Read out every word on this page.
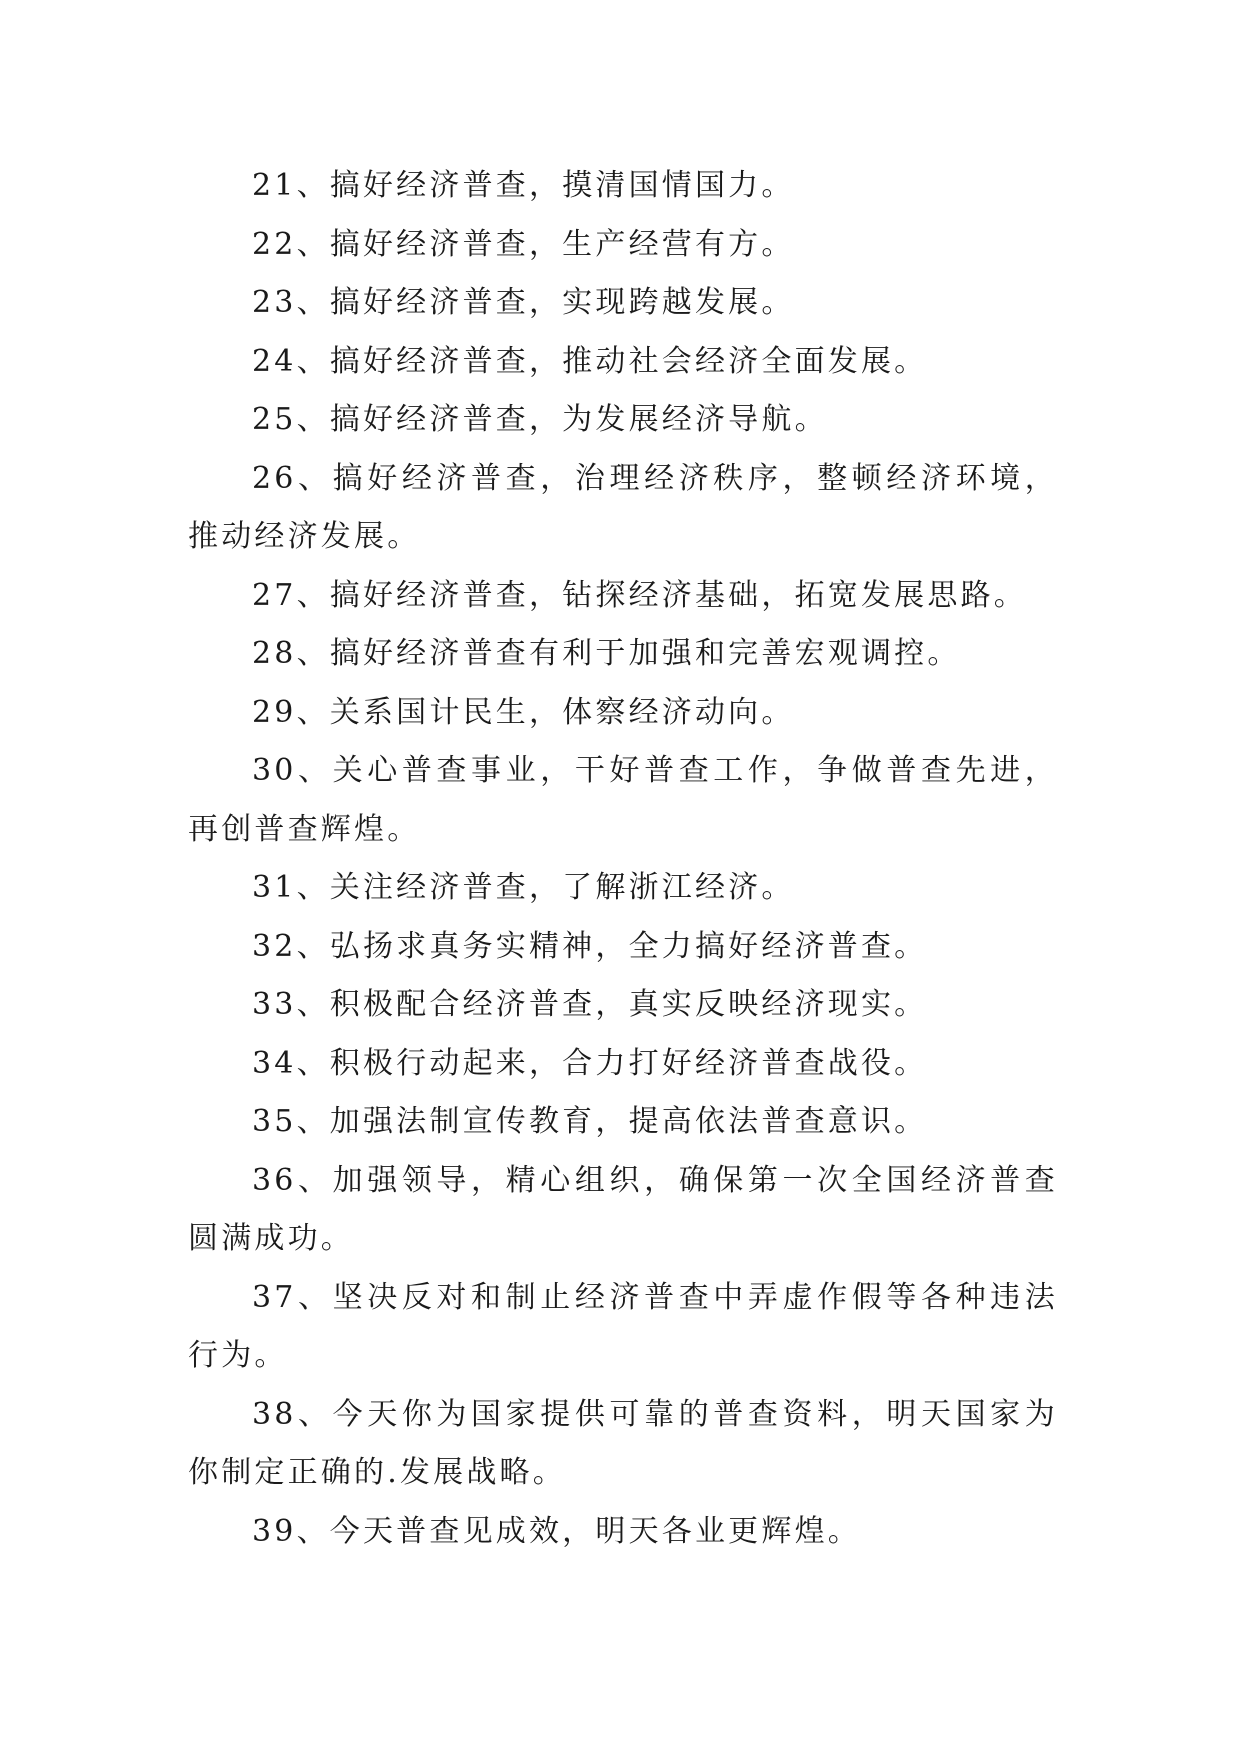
21、搞好经济普查，摸清国情国力。

22、搞好经济普查，生产经营有方。

23、搞好经济普查，实现跨越发展。

24、搞好经济普查，推动社会经济全面发展。

25、搞好经济普查，为发展经济导航。

26、搞好经济普查，治理经济秩序，整顿经济环境，推动经济发展。

27、搞好经济普查，钻探经济基础，拓宽发展思路。

28、搞好经济普查有利于加强和完善宏观调控。

29、关系国计民生，体察经济动向。

30、关心普查事业，干好普查工作，争做普查先进，再创普查辉煌。

31、关注经济普查，了解浙江经济。

32、弘扬求真务实精神，全力搞好经济普查。

33、积极配合经济普查，真实反映经济现实。

34、积极行动起来，合力打好经济普查战役。

35、加强法制宣传教育，提高依法普查意识。

36、加强领导，精心组织，确保第一次全国经济普查圆满成功。

37、坚决反对和制止经济普查中弄虚作假等各种违法行为。

38、今天你为国家提供可靠的普查资料，明天国家为你制定正确的.发展战略。

39、今天普查见成效，明天各业更辉煌。
